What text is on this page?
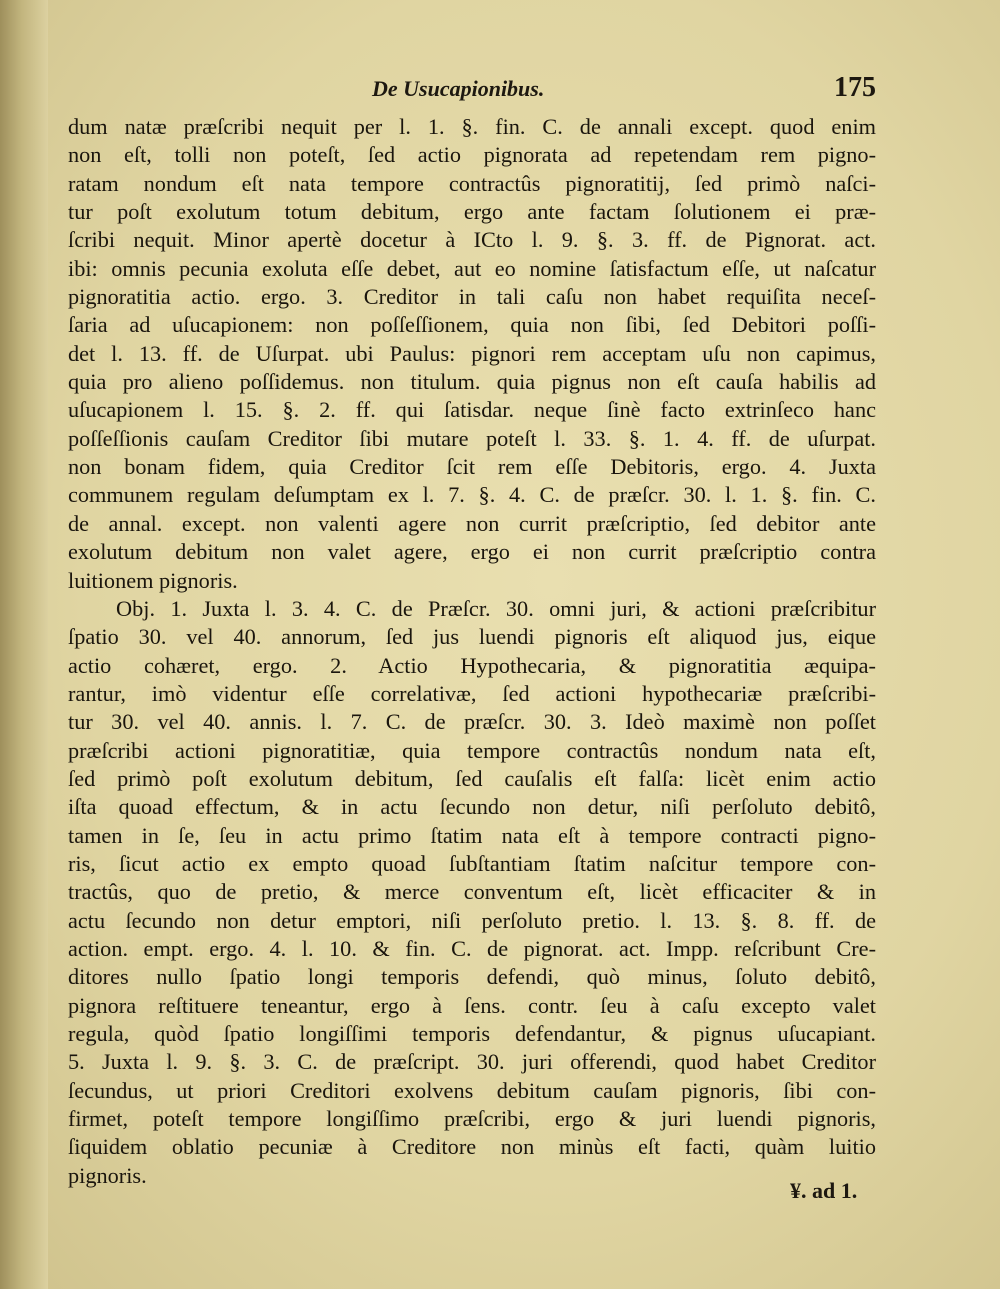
De Usucapionibus.	175
dum natæ præſcribi nequit per l. 1. §. fin. C. de annali except. quod enim
non eſt, tolli non poteſt, ſed actio pignorata ad repetendam rem pigno-
ratam nondum eſt nata tempore contractûs pignoratitij, ſed primò naſci-
tur poſt exolutum totum debitum, ergo ante factam ſolutionem ei præ-
ſcribi nequit. Minor apertè docetur à ICto l. 9. §. 3. ff. de Pignorat. act.
ibi: omnis pecunia exoluta eſſe debet, aut eo nomine ſatisfactum eſſe, ut naſcatur
pignoratitia actio. ergo. 3. Creditor in tali caſu non habet requiſita neceſ-
ſaria ad uſucapionem: non poſſeſſionem, quia non ſibi, ſed Debitori poſſi-
det l. 13. ff. de Uſurpat. ubi Paulus: pignori rem acceptam uſu non capimus,
quia pro alieno poſſidemus. non titulum. quia pignus non eſt cauſa habilis ad
uſucapionem l. 15. §. 2. ff. qui ſatisdar. neque ſinè facto extrinſeco hanc
poſſeſſionis cauſam Creditor ſibi mutare poteſt l. 33. §. 1. 4. ff. de uſurpat.
non bonam fidem, quia Creditor ſcit rem eſſe Debitoris, ergo. 4. Juxta
communem regulam deſumptam ex l. 7. §. 4. C. de præſcr. 30. l. 1. §. fin. C.
de annal. except. non valenti agere non currit præſcriptio, ſed debitor ante
exolutum debitum non valet agere, ergo ei non currit præſcriptio contra
luitionem pignoris.
Obj. 1. Juxta l. 3. 4. C. de Præſcr. 30. omni juri, & actioni præſcribitur
ſpatio 30. vel 40. annorum, ſed jus luendi pignoris eſt aliquod jus, eique
actio cohæret, ergo. 2. Actio Hypothecaria, & pignoratitia æquipa-
rantur, imò videntur eſſe correlativæ, ſed actioni hypothecariæ præſcribi-
tur 30. vel 40. annis. l. 7. C. de præſcr. 30. 3. Ideò maximè non poſſet
præſcribi actioni pignoratitiæ, quia tempore contractûs nondum nata eſt,
ſed primò poſt exolutum debitum, ſed cauſalis eſt falſa: licèt enim actio
iſta quoad effectum, & in actu ſecundo non detur, niſi perſoluto debitô,
tamen in ſe, ſeu in actu primo ſtatim nata eſt à tempore contracti pigno-
ris, ſicut actio ex empto quoad ſubſtantiam ſtatim naſcitur tempore con-
tractûs, quo de pretio, & merce conventum eſt, licèt efficaciter & in
actu ſecundo non detur emptori, niſi perſoluto pretio. l. 13. §. 8. ff. de
action. empt. ergo. 4. l. 10. & fin. C. de pignorat. act. Impp. reſcribunt Cre-
ditores nullo ſpatio longi temporis defendi, quò minus, ſoluto debitô,
pignora reſtituere teneantur, ergo à ſens. contr. ſeu à caſu excepto valet
regula, quòd ſpatio longiſſimi temporis defendantur, & pignus uſucapiant.
5. Juxta l. 9. §. 3. C. de præſcript. 30. juri offerendi, quod habet Creditor
ſecundus, ut priori Creditori exolvens debitum cauſam pignoris, ſibi con-
firmet, poteſt tempore longiſſimo præſcribi, ergo & juri luendi pignoris,
ſiquidem oblatio pecuniæ à Creditore non minùs eſt facti, quàm luitio
pignoris.
¥. ad 1.
